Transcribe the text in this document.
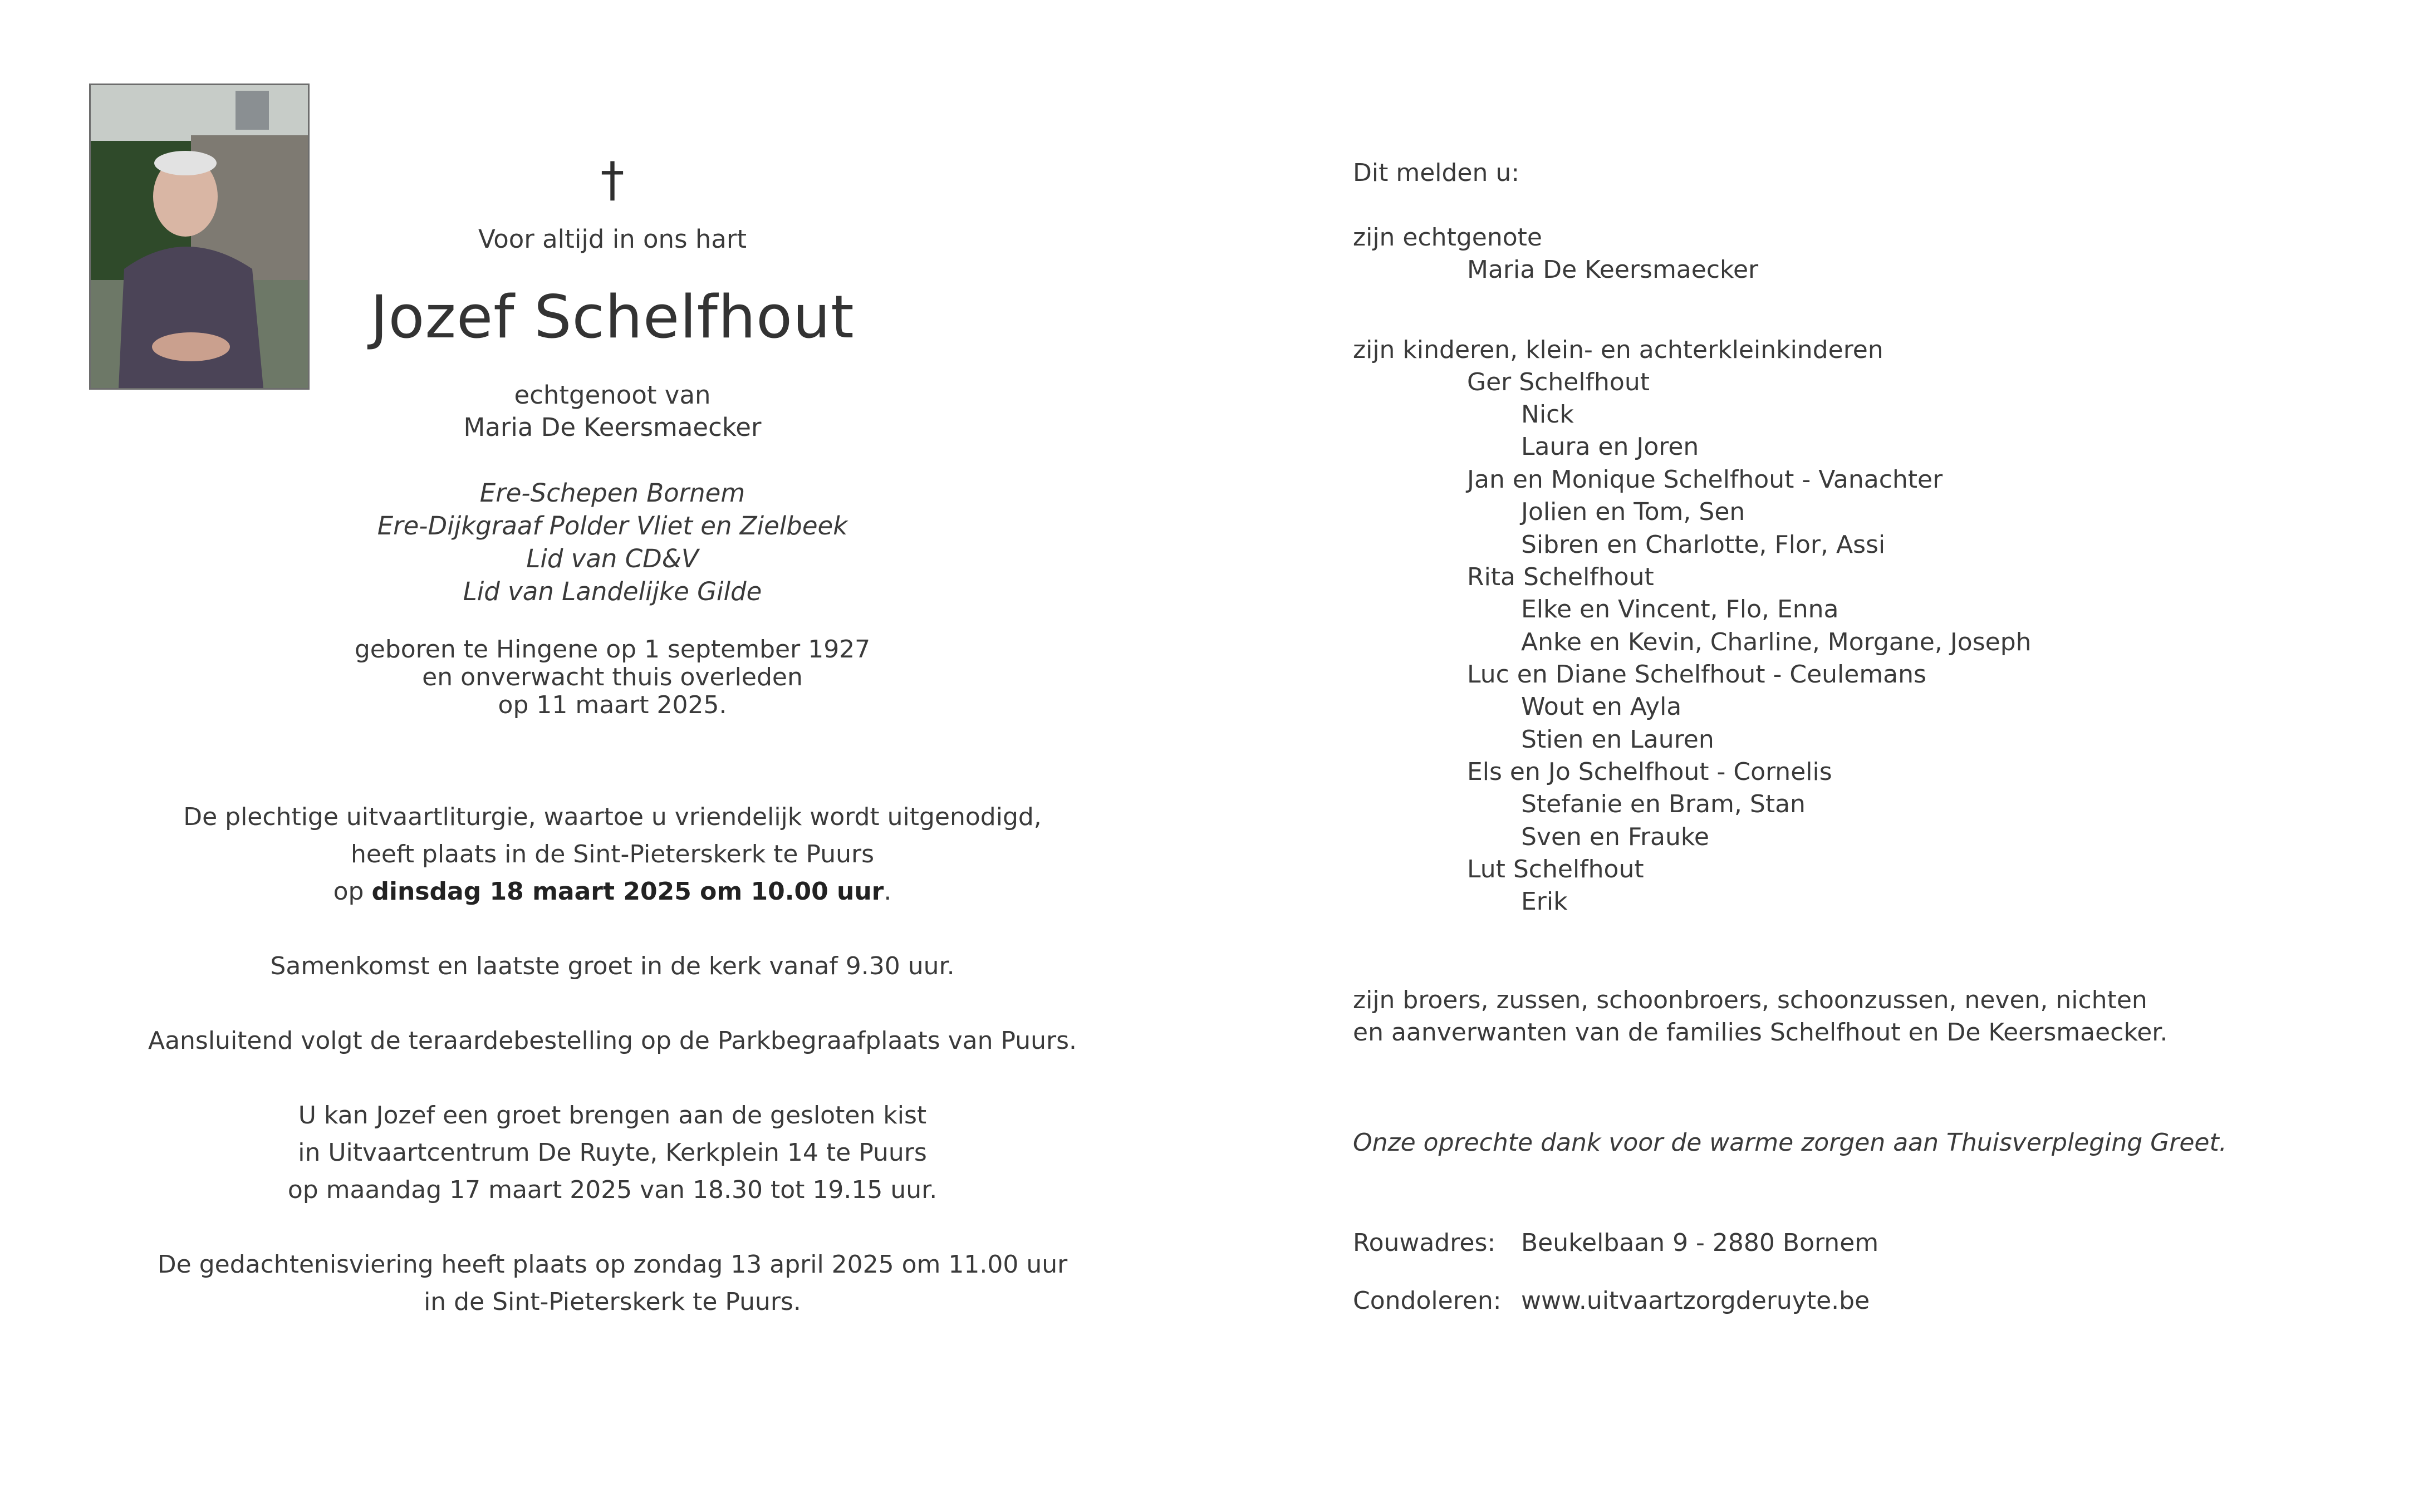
†
Voor altijd in ons hart
Jozef Schelfhout
echtgenoot van
Maria De Keersmaecker
Ere-Schepen Bornem
Ere-Dijkgraaf Polder Vliet en Zielbeek
Lid van CD&V
Lid van Landelijke Gilde
geboren te Hingene op 1 september 1927
en onverwacht thuis overleden
op 11 maart 2025.
De plechtige uitvaartliturgie, waartoe u vriendelijk wordt uitgenodigd,
heeft plaats in de Sint-Pieterskerk te Puurs
op dinsdag 18 maart 2025 om 10.00 uur.
Samenkomst en laatste groet in de kerk vanaf 9.30 uur.
Aansluitend volgt de teraardebestelling op de Parkbegraafplaats van Puurs.
U kan Jozef een groet brengen aan de gesloten kist
in Uitvaartcentrum De Ruyte, Kerkplein 14 te Puurs
op maandag 17 maart 2025 van 18.30 tot 19.15 uur.
De gedachtenisviering heeft plaats op zondag 13 april 2025 om 11.00 uur
in de Sint-Pieterskerk te Puurs.
Dit melden u:
zijn echtgenote
Maria De Keersmaecker
zijn kinderen, klein- en achterkleinkinderen
Ger Schelfhout
Nick
Laura en Joren
Jan en Monique Schelfhout - Vanachter
Jolien en Tom, Sen
Sibren en Charlotte, Flor, Assi
Rita Schelfhout
Elke en Vincent, Flo, Enna
Anke en Kevin, Charline, Morgane, Joseph
Luc en Diane Schelfhout - Ceulemans
Wout en Ayla
Stien en Lauren
Els en Jo Schelfhout - Cornelis
Stefanie en Bram, Stan
Sven en Frauke
Lut Schelfhout
Erik
zijn broers, zussen, schoonbroers, schoonzussen, neven, nichten
en aanverwanten van de families Schelfhout en De Keersmaecker.
Onze oprechte dank voor de warme zorgen aan Thuisverpleging Greet.
Rouwadres: Beukelbaan 9 - 2880 Bornem
Condoleren: www.uitvaartzorgderuyte.be
